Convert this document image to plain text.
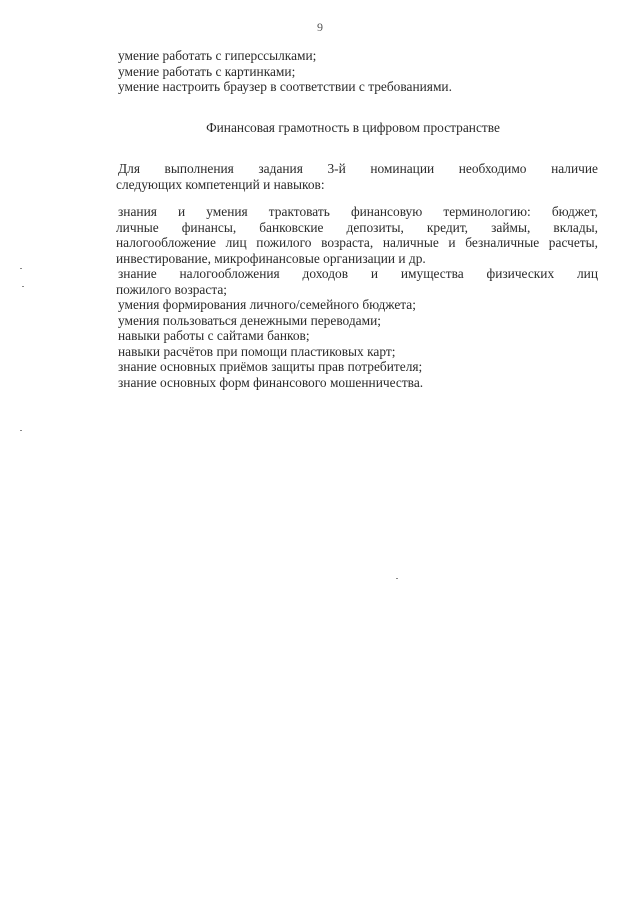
9
умение работать с гиперссылками;
умение работать с картинками;
умение настроить браузер в соответствии с требованиями.
Финансовая грамотность в цифровом пространстве
Для выполнения задания 3-й номинации необходимо наличие
следующих компетенций и навыков:
знания и умения трактовать финансовую терминологию: бюджет,
личные финансы, банковские депозиты, кредит, займы, вклады,
налогообложение лиц пожилого возраста, наличные и безналичные расчеты,
инвестирование, микрофинансовые организации и др.
знание налогообложения доходов и имущества физических лиц
пожилого возраста;
умения формирования личного/семейного бюджета;
умения пользоваться денежными переводами;
навыки работы с сайтами банков;
навыки расчётов при помощи пластиковых карт;
знание основных приёмов защиты прав потребителя;
знание основных форм финансового мошенничества.
